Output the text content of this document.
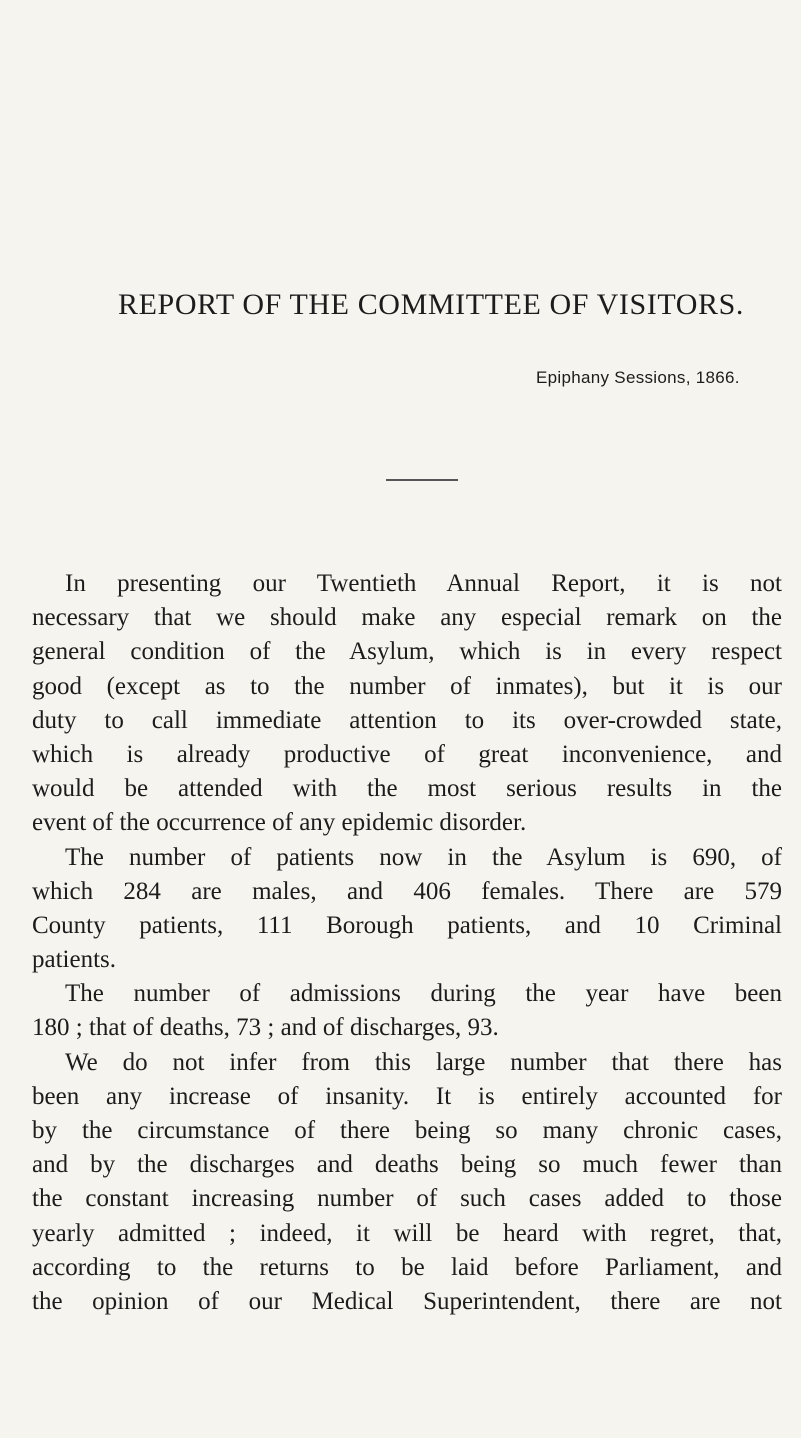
REPORT OF THE COMMITTEE OF VISITORS.
Epiphany Sessions, 1866.
In presenting our Twentieth Annual Report, it is not
necessary that we should make any especial remark on the
general condition of the Asylum, which is in every respect
good (except as to the number of inmates), but it is our
duty to call immediate attention to its over-crowded state,
which is already productive of great inconvenience, and
would be attended with the most serious results in the
event of the occurrence of any epidemic disorder.
The number of patients now in the Asylum is 690, of
which 284 are males, and 406 females. There are 579
County patients, 111 Borough patients, and 10 Criminal
patients.
The number of admissions during the year have been
180 ; that of deaths, 73 ; and of discharges, 93.
We do not infer from this large number that there has
been any increase of insanity. It is entirely accounted for
by the circumstance of there being so many chronic cases,
and by the discharges and deaths being so much fewer than
the constant increasing number of such cases added to those
yearly admitted ; indeed, it will be heard with regret, that,
according to the returns to be laid before Parliament, and
the opinion of our Medical Superintendent, there are not
